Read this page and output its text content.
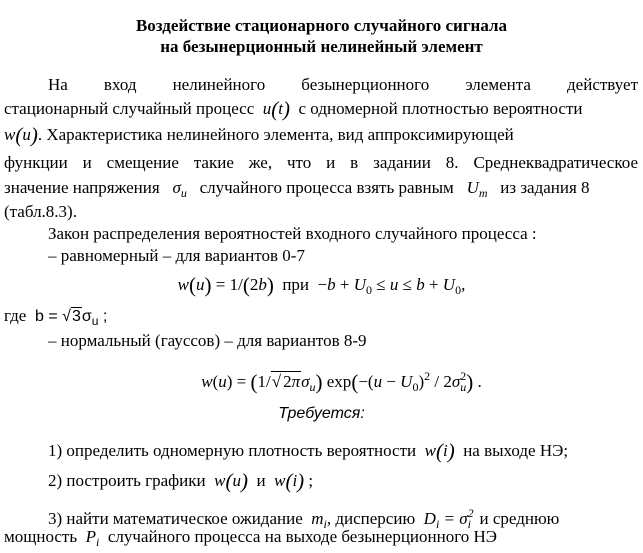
Воздействие стационарного случайного сигнала
на безынерционный нелинейный элемент
На вход нелинейного безынерционного элемента действует
стационарный случайный процесс  u(t) с одномерной плотностью вероятности
w(u). Характеристика нелинейного элемента, вид аппроксимирующей
функции и смещение такие же, что и в задании 8. Среднеквадратическое
значение напряжения   $\sigma_u$ случайного процесса взять равным   $U_m$ из задания 8
(табл.8.3).
Закон распределения вероятностей входного случайного процесса :
– равномерный – для вариантов 0-7
w(u) = 1/(2b)  при  $-b + U_0 \le u \le b + U_0$,
где  $b = √3\sigma_u$ ;
– нормальный (гауссов) – для вариантов 8-9
w(u) = (1/√ $2\pi\sigma_u$) $\exp(-(u - U_0)^2 / 2\sigma^2_u)$ .
Требуется:
1) определить одномерную плотность вероятности  w(i) на выходе НЭ;
2) построить графики  w(u) и  w(i) ;
3) найти математическое ожидание  $m_i$, дисперсию  $D_i = \sigma^2_i$ и среднюю
мощность  $P_i$ случайного процесса на выходе безынерционного НЭ
